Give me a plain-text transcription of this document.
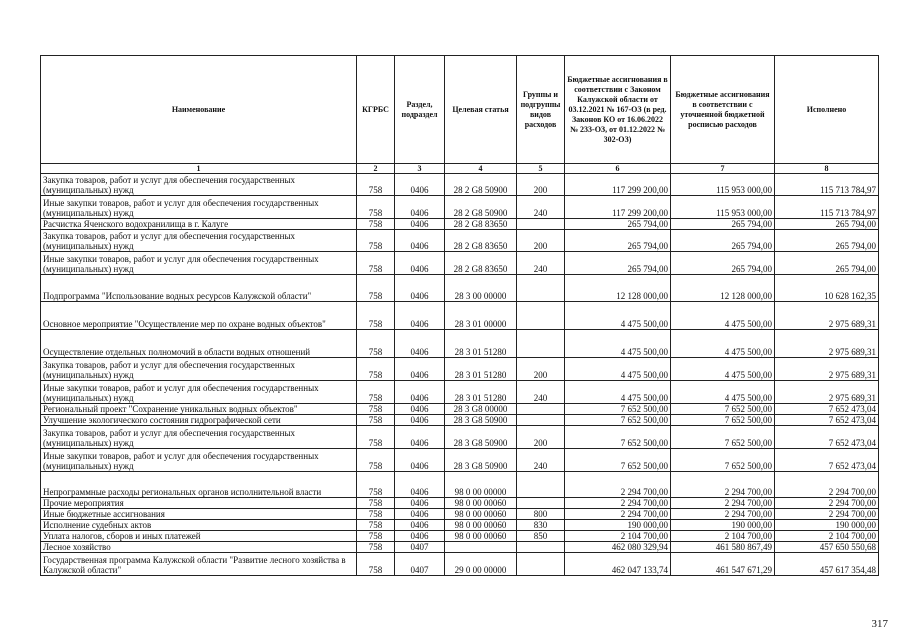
Наименование	КГРБС	Раздел, подраздел	Целевая статья	Группы и подгруппы видов расходов	Бюджетные ассигнования в соответствии с Законом Калужской области от 03.12.2021 № 167-ОЗ (в ред. Законов КО от 16.06.2022 № 233-ОЗ, от 01.12.2022 № 302-ОЗ)	Бюджетные ассигнования в соответствии с уточненной бюджетной росписью расходов	Исполнено
1	2	3	4	5	6	7	8
Закупка товаров, работ и услуг для обеспечения государственных (муниципальных) нужд	758	0406	28 2 G8 50900	200	117 299 200,00	115 953 000,00	115 713 784,97
Иные закупки товаров, работ и услуг для обеспечения государственных (муниципальных) нужд	758	0406	28 2 G8 50900	240	117 299 200,00	115 953 000,00	115 713 784,97
Расчистка Яченского водохранилища в г. Калуге	758	0406	28 2 G8 83650		265 794,00	265 794,00	265 794,00
Закупка товаров, работ и услуг для обеспечения государственных (муниципальных) нужд	758	0406	28 2 G8 83650	200	265 794,00	265 794,00	265 794,00
Иные закупки товаров, работ и услуг для обеспечения государственных (муниципальных) нужд	758	0406	28 2 G8 83650	240	265 794,00	265 794,00	265 794,00
Подпрограмма "Использование водных ресурсов Калужской области"	758	0406	28 3 00 00000		12 128 000,00	12 128 000,00	10 628 162,35
Основное мероприятие "Осуществление мер по охране водных объектов"	758	0406	28 3 01 00000		4 475 500,00	4 475 500,00	2 975 689,31
Осуществление отдельных полномочий в области водных отношений	758	0406	28 3 01 51280		4 475 500,00	4 475 500,00	2 975 689,31
Закупка товаров, работ и услуг для обеспечения государственных (муниципальных) нужд	758	0406	28 3 01 51280	200	4 475 500,00	4 475 500,00	2 975 689,31
Иные закупки товаров, работ и услуг для обеспечения государственных (муниципальных) нужд	758	0406	28 3 01 51280	240	4 475 500,00	4 475 500,00	2 975 689,31
Региональный проект "Сохранение уникальных водных объектов"	758	0406	28 3 G8 00000		7 652 500,00	7 652 500,00	7 652 473,04
Улучшение экологического состояния гидрографической сети	758	0406	28 3 G8 50900		7 652 500,00	7 652 500,00	7 652 473,04
Закупка товаров, работ и услуг для обеспечения государственных (муниципальных) нужд	758	0406	28 3 G8 50900	200	7 652 500,00	7 652 500,00	7 652 473,04
Иные закупки товаров, работ и услуг для обеспечения государственных (муниципальных) нужд	758	0406	28 3 G8 50900	240	7 652 500,00	7 652 500,00	7 652 473,04
Непрограммные расходы региональных органов исполнительной власти	758	0406	98 0 00 00000		2 294 700,00	2 294 700,00	2 294 700,00
Прочие мероприятия	758	0406	98 0 00 00060		2 294 700,00	2 294 700,00	2 294 700,00
Иные бюджетные ассигнования	758	0406	98 0 00 00060	800	2 294 700,00	2 294 700,00	2 294 700,00
Исполнение судебных актов	758	0406	98 0 00 00060	830	190 000,00	190 000,00	190 000,00
Уплата налогов, сборов и иных платежей	758	0406	98 0 00 00060	850	2 104 700,00	2 104 700,00	2 104 700,00
Лесное хозяйство	758	0407			462 080 329,94	461 580 867,49	457 650 550,68
Государственная программа Калужской области "Развитие лесного хозяйства в Калужской области"	758	0407	29 0 00 00000		462 047 133,74	461 547 671,29	457 617 354,48
317
